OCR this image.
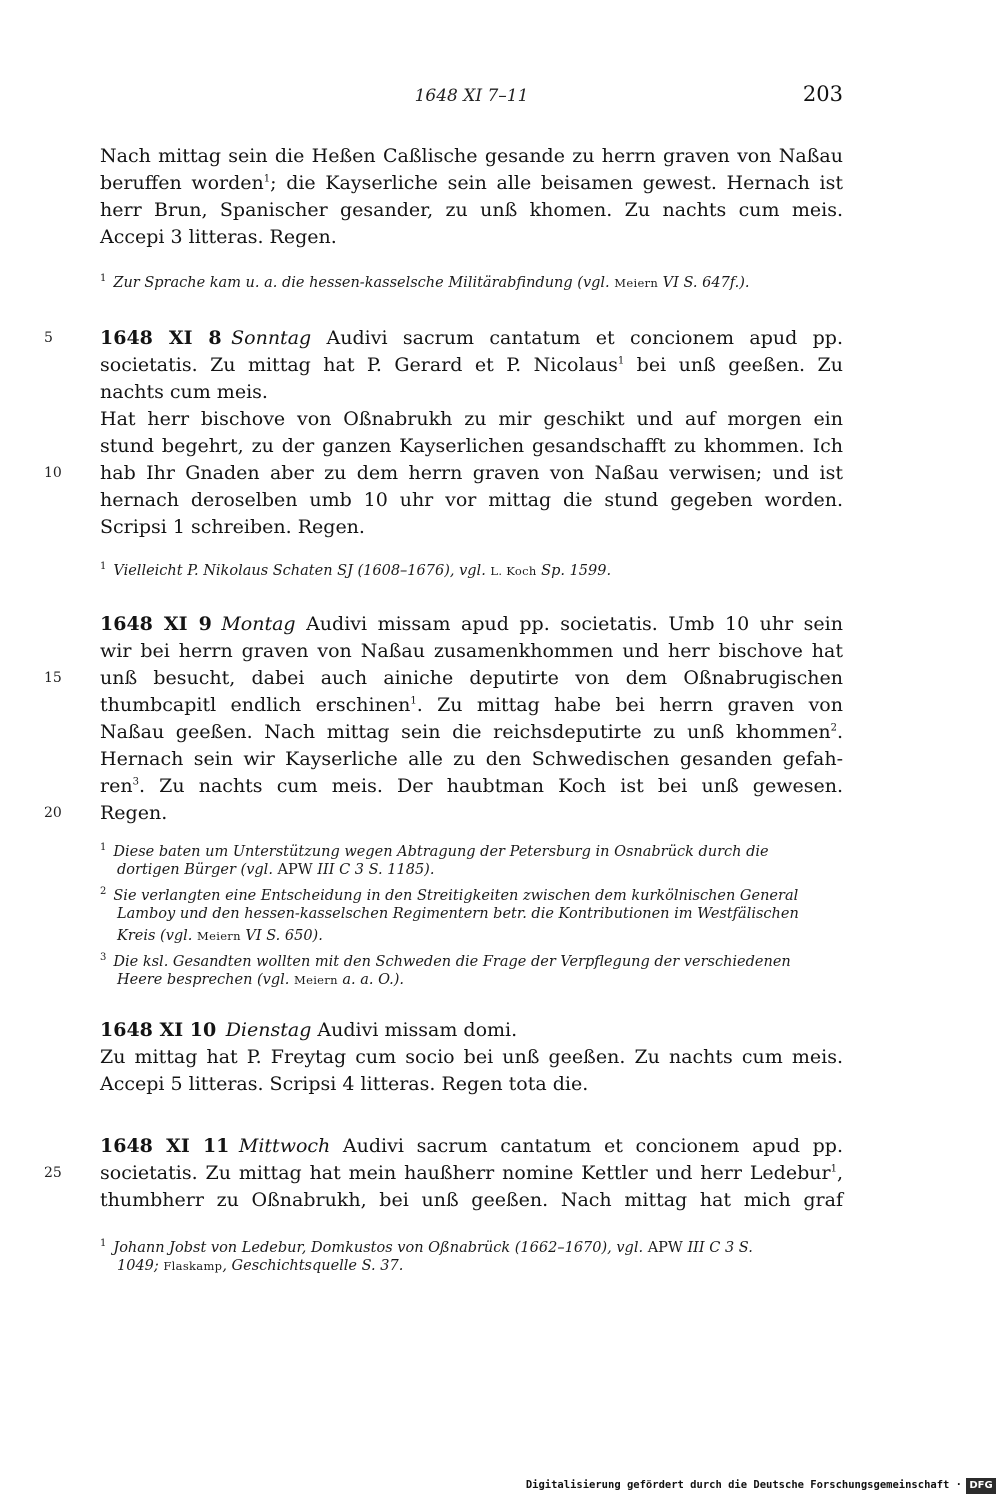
1648 XI 7–11	203
Nach mittag sein die Heßen Caßlische gesande zu herrn graven von Naßau
beruffen worden$^1$; die Kayserliche sein alle beisamen gewest. Hernach ist
herr Brun, Spanischer gesander, zu unß khomen. Zu nachts cum meis.
Accepi 3 litteras. Regen.
$^1$ Zur Sprache kam u. a. die hessen-kasselsche Militärabfindung (vgl. Meiern VI S. 647f.).
5	1648 XI 8  Sonntag Audivi sacrum cantatum et concionem apud pp.
societatis. Zu mittag hat P. Gerard et P. Nicolaus$^1$ bei unß geeßen. Zu
nachts cum meis.
Hat herr bischove von Oßnabrukh zu mir geschikt und auf morgen ein
stund begehrt, zu der ganzen Kayserlichen gesandschafft zu khommen. Ich
10	hab Ihr Gnaden aber zu dem herrn graven von Naßau verwisen; und ist
hernach deroselben umb 10 uhr vor mittag die stund gegeben worden.
Scripsi 1 schreiben. Regen.
$^1$ Vielleicht P. Nikolaus Schaten SJ (1608–1676), vgl. L. Koch Sp. 1599.
1648 XI 9  Montag Audivi missam apud pp. societatis. Umb 10 uhr sein
wir bei herrn graven von Naßau zusamenkhommen und herr bischove hat
15	unß besucht, dabei auch ainiche deputirte von dem Oßnabrugischen
thumbcapitl endlich erschinen$^1$. Zu mittag habe bei herrn graven von
Naßau geeßen. Nach mittag sein die reichsdeputirte zu unß khommen$^2$.
Hernach sein wir Kayserliche alle zu den Schwedischen gesanden gefah-
ren$^3$. Zu nachts cum meis. Der haubtman Koch ist bei unß gewesen.
20	Regen.
$^1$ Diese baten um Unterstützung wegen Abtragung der Petersburg in Osnabrück durch die
dortigen Bürger (vgl. APW III C 3 S. 1185).
$^2$ Sie verlangten eine Entscheidung in den Streitigkeiten zwischen dem kurkölnischen General
Lamboy und den hessen-kasselschen Regimentern betr. die Kontributionen im Westfälischen
Kreis (vgl. Meiern VI S. 650).
$^3$ Die ksl. Gesandten wollten mit den Schweden die Frage der Verpflegung der verschiedenen
Heere besprechen (vgl. Meiern a. a. O.).
1648 XI 10  Dienstag Audivi missam domi.
Zu mittag hat P. Freytag cum socio bei unß geeßen. Zu nachts cum meis.
Accepi 5 litteras. Scripsi 4 litteras. Regen tota die.
1648 XI 11  Mittwoch Audivi sacrum cantatum et concionem apud pp.
25	societatis. Zu mittag hat mein haußherr nomine Kettler und herr Ledebur$^1$,
thumbherr zu Oßnabrukh, bei unß geeßen. Nach mittag hat mich graf
$^1$ Johann Jobst von Ledebur, Domkustos von Oßnabrück (1662–1670), vgl. APW III C 3 S.
1049; Flaskamp, Geschichtsquelle S. 37.
Digitalisierung gefördert durch die Deutsche Forschungsgemeinschaft · DFG
